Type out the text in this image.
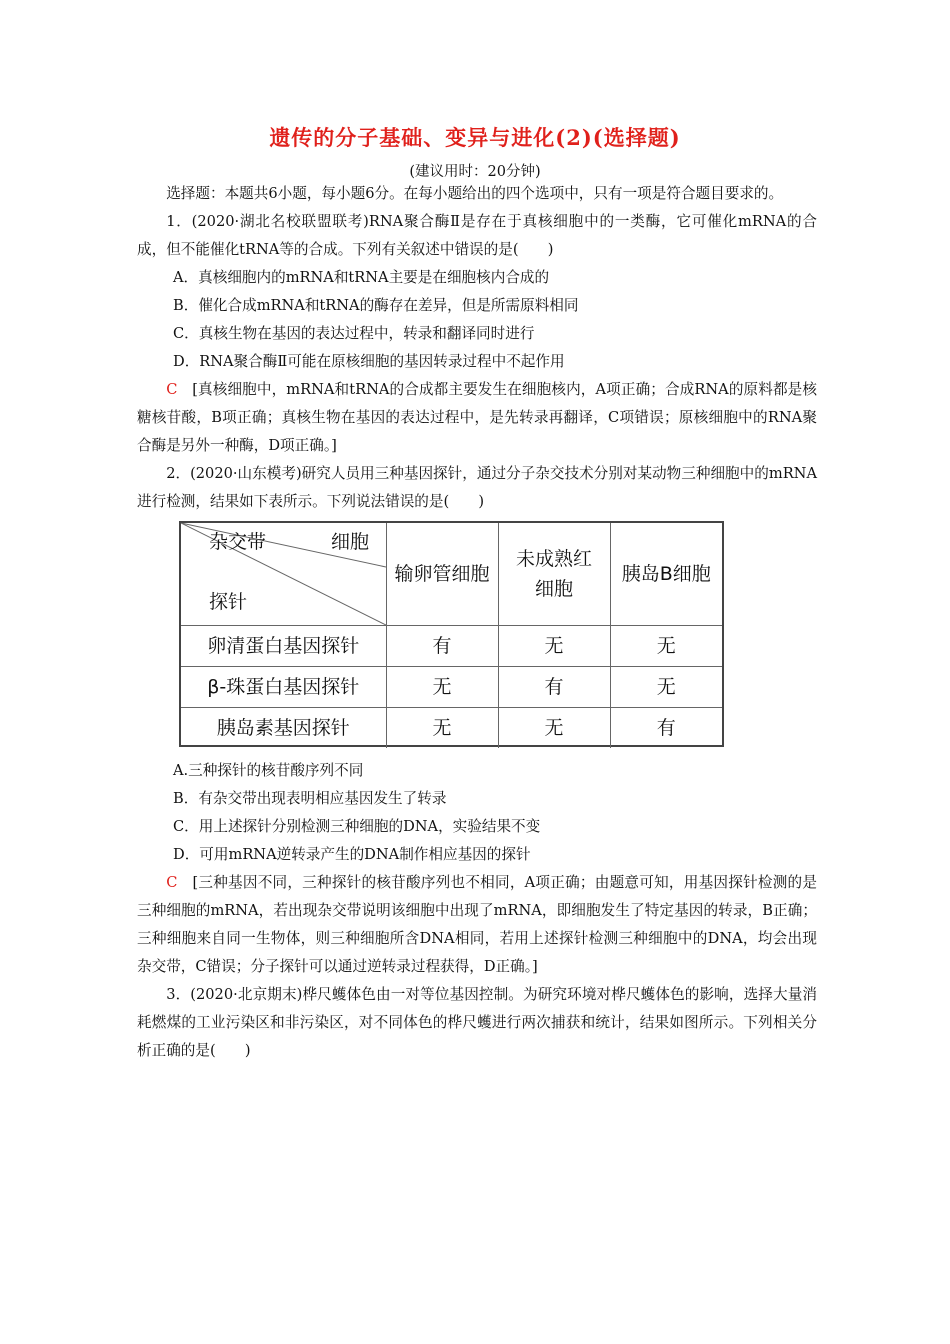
遗传的分子基础、变异与进化(2)(选择题)
(建议用时：20分钟)

选择题：本题共6小题，每小题6分。在每小题给出的四个选项中，只有一项是符合题目要求的。

1．(2020·湖北名校联盟联考)RNA聚合酶Ⅱ是存在于真核细胞中的一类酶，它可催化mRNA的合成，但不能催化tRNA等的合成。下列有关叙述中错误的是(　　)

A．真核细胞内的mRNA和tRNA主要是在细胞核内合成的

B．催化合成mRNA和tRNA的酶存在差异，但是所需原料相同

C．真核生物在基因的表达过程中，转录和翻译同时进行

D．RNA聚合酶Ⅱ可能在原核细胞的基因转录过程中不起作用

C　 [真核细胞中，mRNA和tRNA的合成都主要发生在细胞核内，A项正确；合成RNA的原料都是核糖核苷酸，B项正确；真核生物在基因的表达过程中，是先转录再翻译，C项错误；原核细胞中的RNA聚合酶是另外一种酶，D项正确。]

2．(2020·山东模考)研究人员用三种基因探针，通过分子杂交技术分别对某动物三种细胞中的mRNA进行检测，结果如下表所示。下列说法错误的是(　　)

杂交带 细胞
探针	输卵管细胞	未成熟红细胞	胰岛B细胞
卵清蛋白基因探针	有	无	无
β-珠蛋白基因探针	无	有	无
胰岛素基因探针	无	无	有

A.三种探针的核苷酸序列不同

B．有杂交带出现表明相应基因发生了转录

C．用上述探针分别检测三种细胞的DNA，实验结果不变

D．可用mRNA逆转录产生的DNA制作相应基因的探针

C　 [三种基因不同，三种探针的核苷酸序列也不相同，A项正确；由题意可知，用基因探针检测的是三种细胞的mRNA，若出现杂交带说明该细胞中出现了mRNA，即细胞发生了特定基因的转录，B正确；三种细胞来自同一生物体，则三种细胞所含DNA相同，若用上述探针检测三种细胞中的DNA，均会出现杂交带，C错误；分子探针可以通过逆转录过程获得，D正确。]

3．(2020·北京期末)桦尺蠖体色由一对等位基因控制。为研究环境对桦尺蠖体色的影响，选择大量消耗燃煤的工业污染区和非污染区，对不同体色的桦尺蠖进行两次捕获和统计，结果如图所示。下列相关分析正确的是(　　)
